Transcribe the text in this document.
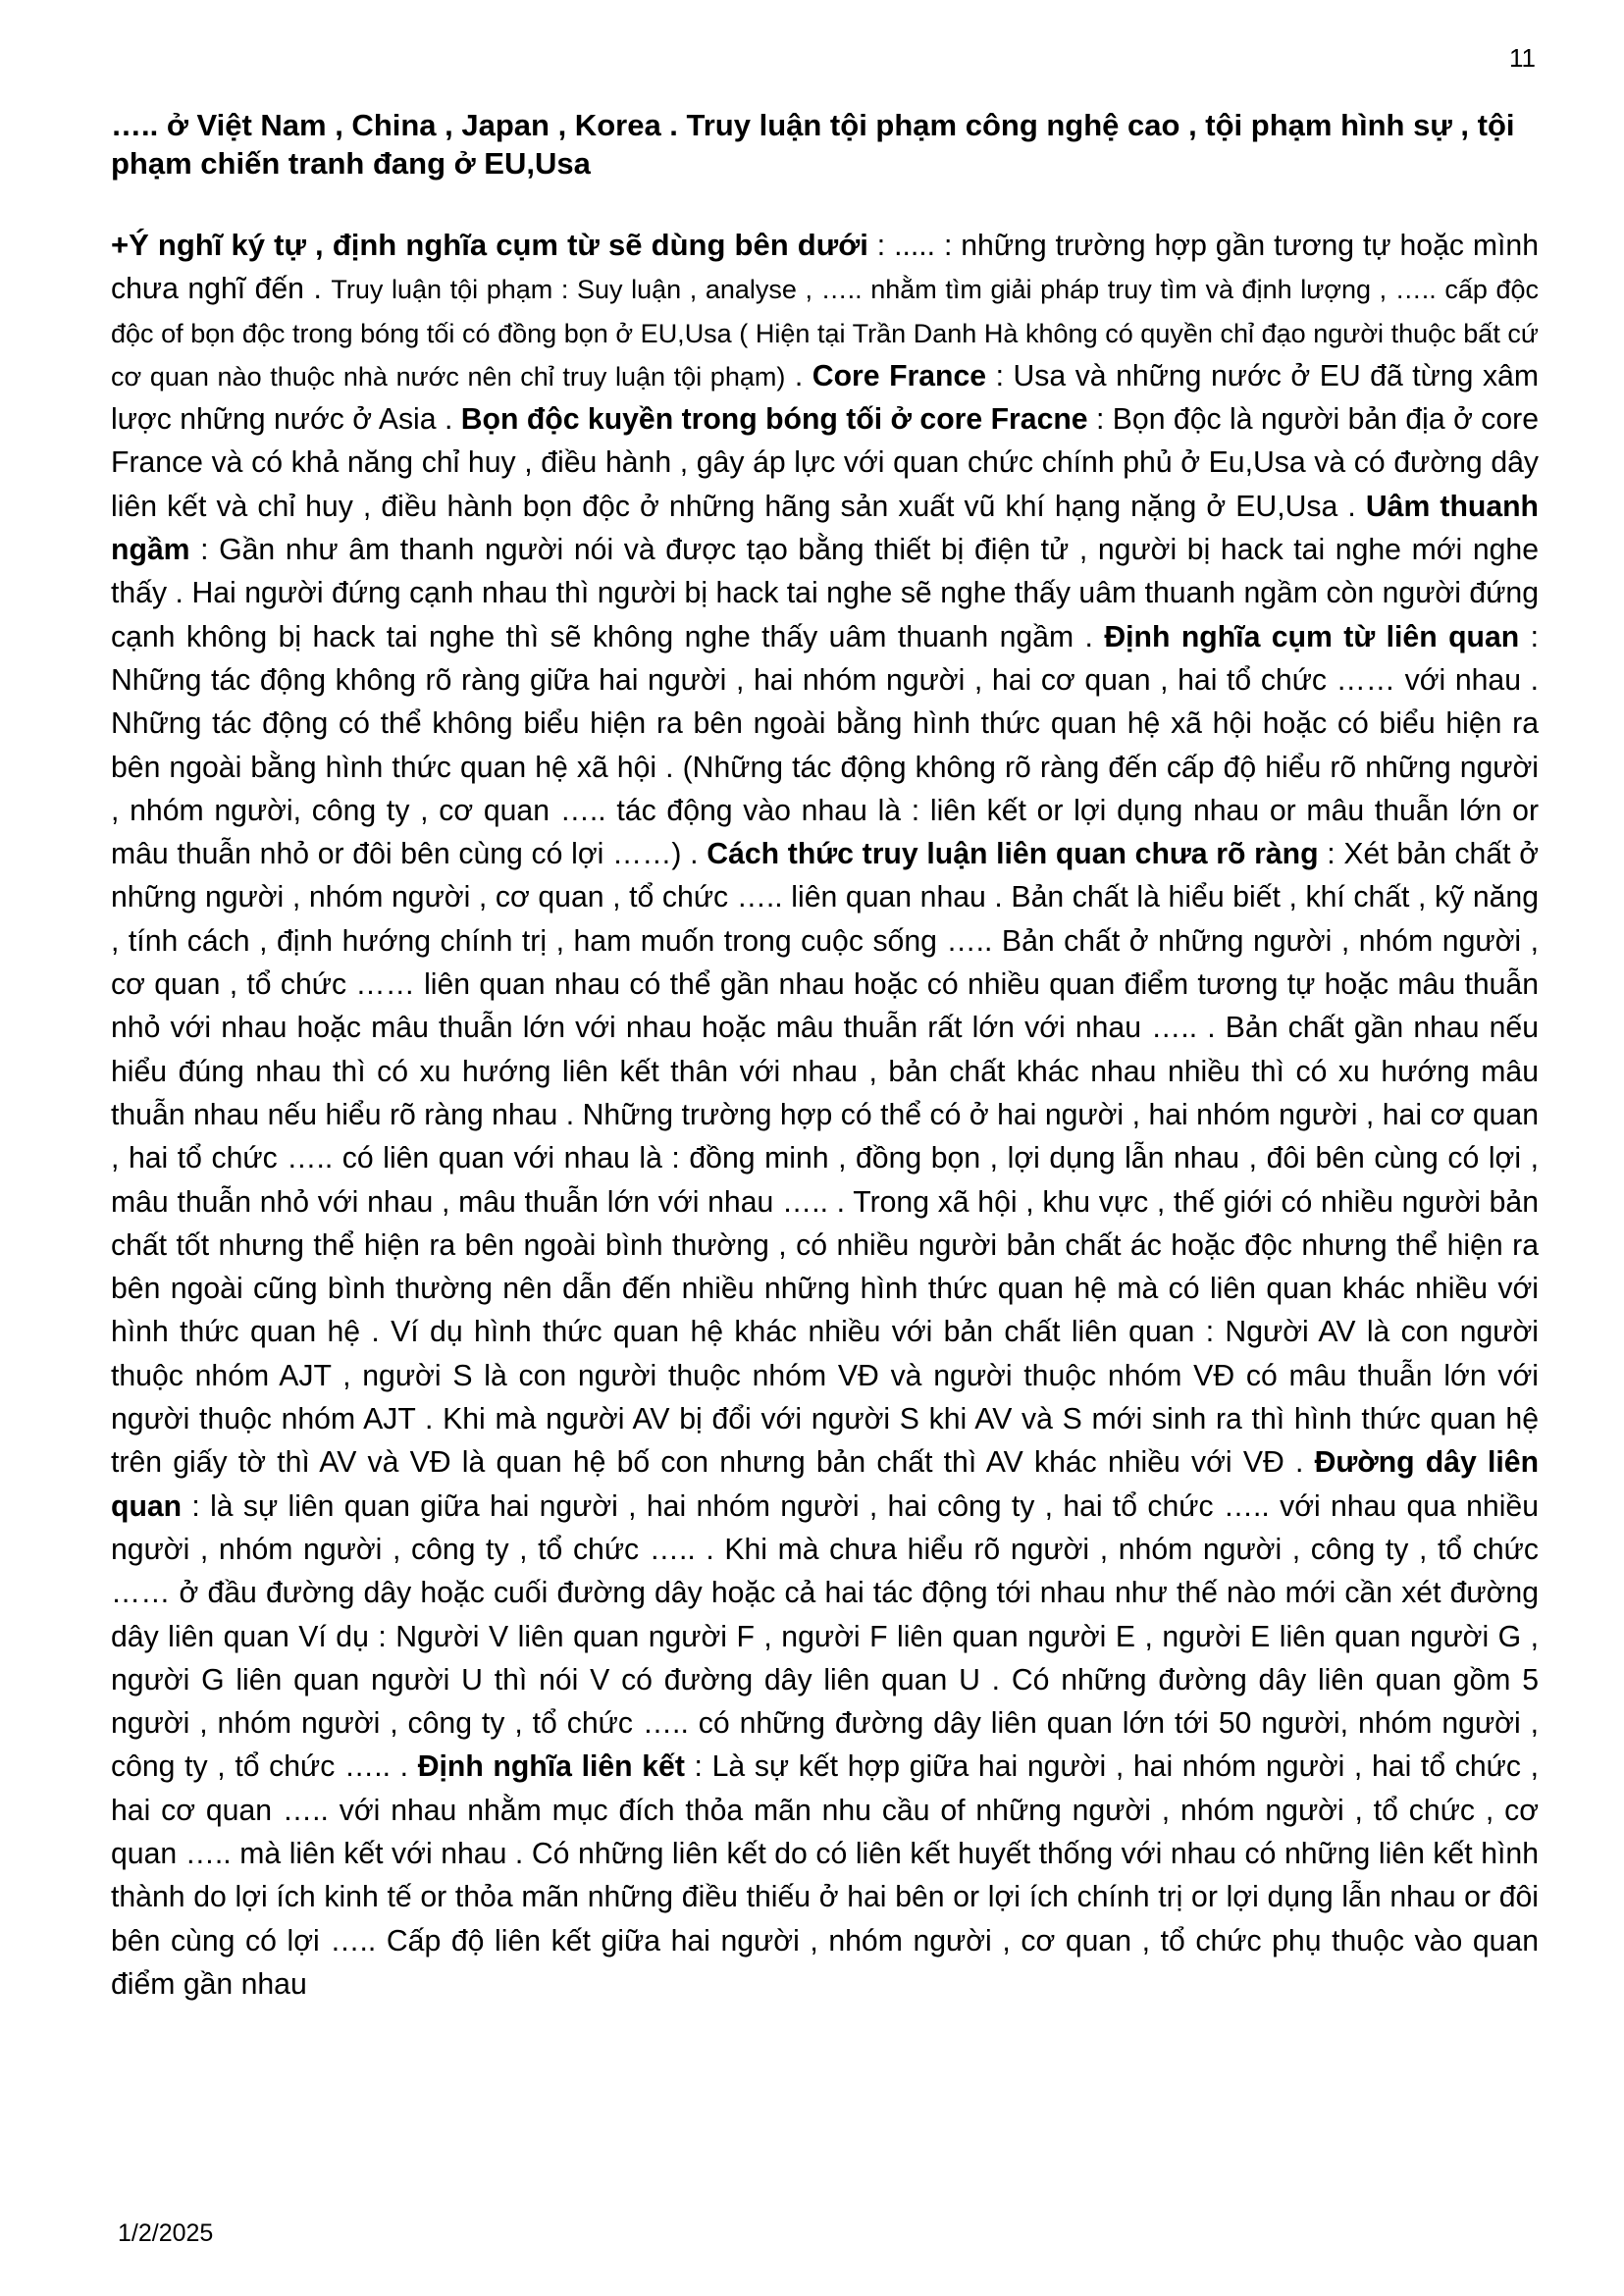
11

….. ở Việt Nam , China , Japan , Korea . Truy luận tội phạm công nghệ cao , tội phạm hình sự , tội phạm chiến tranh đang ở EU,Usa

+Ý nghĩ ký tự , định nghĩa cụm từ sẽ dùng bên dưới : ..... : những trường hợp gần tương tự hoặc mình chưa nghĩ đến . Truy luận tội phạm : Suy luận , analyse , ….. nhằm tìm giải pháp truy tìm và định lượng , ….. cấp độc độc of bọn độc trong bóng tối có đồng bọn ở EU,Usa ( Hiện tại Trần Danh Hà không có quyền chỉ đạo người thuộc bất cứ cơ quan nào thuộc nhà nước nên chỉ truy luận tội phạm) . Core France : Usa và những nước ở EU đã từng xâm lược những nước ở Asia . Bọn độc kuyền trong bóng tối ở core Fracne : Bọn độc là người bản địa ở core France và có khả năng chỉ huy , điều hành , gây áp lực với quan chức chính phủ ở Eu,Usa và có đường dây liên kết và chỉ huy , điều hành bọn độc ở những hãng sản xuất vũ khí hạng nặng ở EU,Usa . Uâm thuanh ngầm : Gần như âm thanh người nói và được tạo bằng thiết bị điện tử , người bị hack tai nghe mới nghe thấy . Hai người đứng cạnh nhau thì người bị hack tai nghe sẽ nghe thấy uâm thuanh ngầm còn người đứng cạnh không bị hack tai nghe thì sẽ không nghe thấy uâm thuanh ngầm . Định nghĩa cụm từ liên quan : Những tác động không rõ ràng giữa hai người , hai nhóm người , hai cơ quan , hai tổ chức …… với nhau . Những tác động có thể không biểu hiện ra bên ngoài bằng hình thức quan hệ xã hội hoặc có biểu hiện ra bên ngoài bằng hình thức quan hệ xã hội . (Những tác động không rõ ràng đến cấp độ hiểu rõ những người , nhóm người, công ty , cơ quan ….. tác động vào nhau là : liên kết or lợi dụng nhau or mâu thuẫn lớn or mâu thuẫn nhỏ or đôi bên cùng có lợi ……) . Cách thức truy luận liên quan chưa rõ ràng : Xét bản chất ở những người , nhóm người , cơ quan , tổ chức ….. liên quan nhau . Bản chất là hiểu biết , khí chất , kỹ năng , tính cách , định hướng chính trị , ham muốn trong cuộc sống ….. Bản chất ở những người , nhóm người , cơ quan , tổ chức …… liên quan nhau có thể gần nhau hoặc có nhiều quan điểm tương tự hoặc mâu thuẫn nhỏ với nhau hoặc mâu thuẫn lớn với nhau hoặc mâu thuẫn rất lớn với nhau ….. . Bản chất gần nhau nếu hiểu đúng nhau thì có xu hướng liên kết thân với nhau , bản chất khác nhau nhiều thì có xu hướng mâu thuẫn nhau nếu hiểu rõ ràng nhau . Những trường hợp có thể có ở hai người , hai nhóm người , hai cơ quan , hai tổ chức ….. có liên quan với nhau là : đồng minh , đồng bọn , lợi dụng lẫn nhau , đôi bên cùng có lợi , mâu thuẫn nhỏ với nhau , mâu thuẫn lớn với nhau ….. . Trong xã hội , khu vực , thế giới có nhiều người bản chất tốt nhưng thể hiện ra bên ngoài bình thường , có nhiều người bản chất ác hoặc độc nhưng thể hiện ra bên ngoài cũng bình thường nên dẫn đến nhiều những hình thức quan hệ mà có liên quan khác nhiều với hình thức quan hệ . Ví dụ hình thức quan hệ khác nhiều với bản chất liên quan : Người AV là con người thuộc nhóm AJT , người S là con người thuộc nhóm VĐ và người thuộc nhóm VĐ có mâu thuẫn lớn với người thuộc nhóm AJT . Khi mà người AV bị đổi với người S khi AV và S mới sinh ra thì hình thức quan hệ trên giấy tờ thì AV và VĐ là quan hệ bố con nhưng bản chất thì AV khác nhiều với VĐ . Đường dây liên quan : là sự liên quan giữa hai người , hai nhóm người , hai công ty , hai tổ chức ….. với nhau qua nhiều người , nhóm người , công ty , tổ chức ….. . Khi mà chưa hiểu rõ người , nhóm người , công ty , tổ chức …… ở đầu đường dây hoặc cuối đường dây hoặc cả hai tác động tới nhau như thế nào mới cần xét đường dây liên quan Ví dụ : Người V liên quan người F , người F liên quan người E , người E liên quan người G , người G liên quan người U thì nói V có đường dây liên quan U . Có những đường dây liên quan gồm 5 người , nhóm người , công ty , tổ chức ….. có những đường dây liên quan lớn tới 50 người, nhóm người , công ty , tổ chức ….. . Định nghĩa liên kết : Là sự kết hợp giữa hai người , hai nhóm người , hai tổ chức , hai cơ quan ….. với nhau nhằm mục đích thỏa mãn nhu cầu of những người , nhóm người , tổ chức , cơ quan ….. mà liên kết với nhau . Có những liên kết do có liên kết huyết thống với nhau có những liên kết hình thành do lợi ích kinh tế or thỏa mãn những điều thiếu ở hai bên or lợi ích chính trị or lợi dụng lẫn nhau or đôi bên cùng có lợi ….. Cấp độ liên kết giữa hai người , nhóm người , cơ quan , tổ chức phụ thuộc vào quan điểm gần nhau

1/2/2025
